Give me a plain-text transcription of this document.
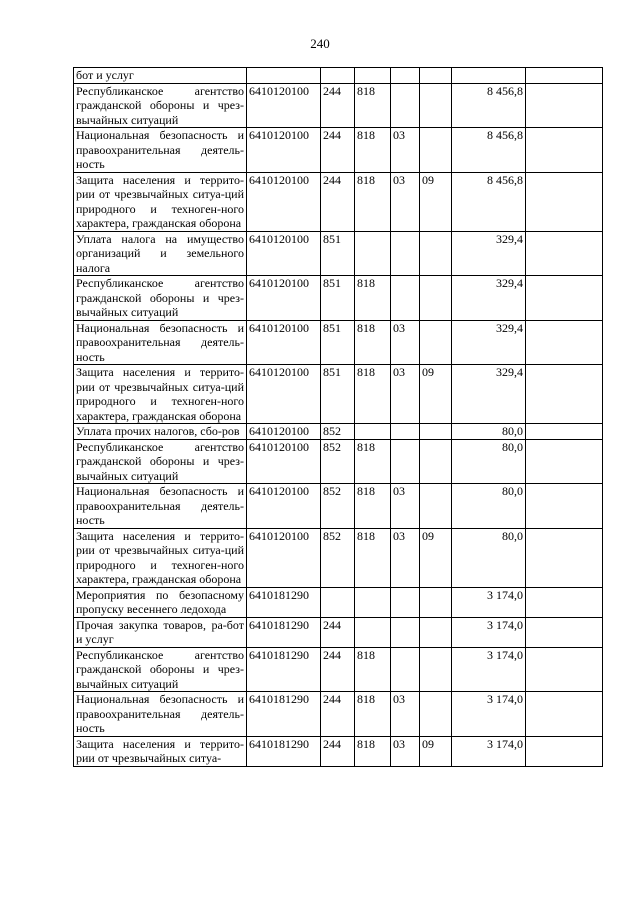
240
бот и услуг							
Республиканское агентство гражданской обороны и чрез-вычайных ситуаций	6410120100	244	818			8 456,8	
Национальная безопасность и правоохранительная деятель-ность	6410120100	244	818	03		8 456,8	
Защита населения и террито-рии от чрезвычайных ситуа-ций природного и техноген-ного характера, гражданская оборона	6410120100	244	818	03	09	8 456,8	
Уплата налога на имущество организаций и земельного налога	6410120100	851				329,4	
Республиканское агентство гражданской обороны и чрез-вычайных ситуаций	6410120100	851	818			329,4	
Национальная безопасность и правоохранительная деятель-ность	6410120100	851	818	03		329,4	
Защита населения и террито-рии от чрезвычайных ситуа-ций природного и техноген-ного характера, гражданская оборона	6410120100	851	818	03	09	329,4	
Уплата прочих налогов, сбо-ров	6410120100	852				80,0	
Республиканское агентство гражданской обороны и чрез-вычайных ситуаций	6410120100	852	818			80,0	
Национальная безопасность и правоохранительная деятель-ность	6410120100	852	818	03		80,0	
Защита населения и террито-рии от чрезвычайных ситуа-ций природного и техноген-ного характера, гражданская оборона	6410120100	852	818	03	09	80,0	
Мероприятия по безопасному пропуску весеннего ледохода	6410181290					3 174,0	
Прочая закупка товаров, ра-бот и услуг	6410181290	244				3 174,0	
Республиканское агентство гражданской обороны и чрез-вычайных ситуаций	6410181290	244	818			3 174,0	
Национальная безопасность и правоохранительная деятель-ность	6410181290	244	818	03		3 174,0	
Защита населения и террито-рии от чрезвычайных ситуа-	6410181290	244	818	03	09	3 174,0	
